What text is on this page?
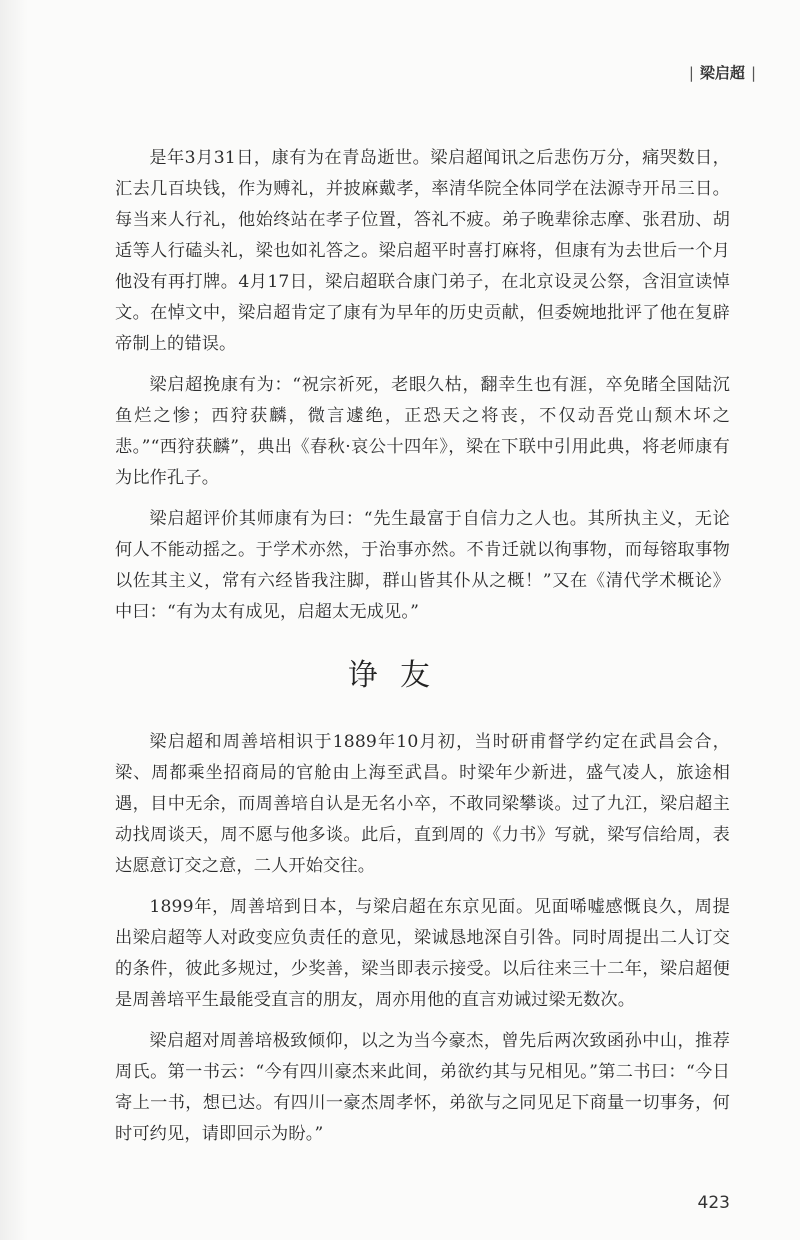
| 梁启超 |

是年3月31日，康有为在青岛逝世。梁启超闻讯之后悲伤万分，痛哭数日，汇去几百块钱，作为赙礼，并披麻戴孝，率清华院全体同学在法源寺开吊三日。每当来人行礼，他始终站在孝子位置，答礼不疲。弟子晚辈徐志摩、张君劢、胡适等人行磕头礼，梁也如礼答之。梁启超平时喜打麻将，但康有为去世后一个月他没有再打牌。4月17日，梁启超联合康门弟子，在北京设灵公祭，含泪宣读悼文。在悼文中，梁启超肯定了康有为早年的历史贡献，但委婉地批评了他在复辟帝制上的错误。

梁启超挽康有为：“祝宗祈死，老眼久枯，翻幸生也有涯，卒免睹全国陆沉鱼烂之惨；西狩获麟，微言遽绝，正恐天之将丧，不仅动吾党山颓木坏之悲。”“西狩获麟”，典出《春秋·哀公十四年》，梁在下联中引用此典，将老师康有为比作孔子。

梁启超评价其师康有为曰：“先生最富于自信力之人也。其所执主义，无论何人不能动摇之。于学术亦然，于治事亦然。不肯迁就以徇事物，而每镕取事物以佐其主义，常有六经皆我注脚，群山皆其仆从之概！”又在《清代学术概论》中曰：“有为太有成见，启超太无成见。”

诤友

梁启超和周善培相识于1889年10月初，当时研甫督学约定在武昌会合，梁、周都乘坐招商局的官舱由上海至武昌。时梁年少新进，盛气凌人，旅途相遇，目中无余，而周善培自认是无名小卒，不敢同梁攀谈。过了九江，梁启超主动找周谈天，周不愿与他多谈。此后，直到周的《力书》写就，梁写信给周，表达愿意订交之意，二人开始交往。

1899年，周善培到日本，与梁启超在东京见面。见面唏嘘感慨良久，周提出梁启超等人对政变应负责任的意见，梁诚恳地深自引咎。同时周提出二人订交的条件，彼此多规过，少奖善，梁当即表示接受。以后往来三十二年，梁启超便是周善培平生最能受直言的朋友，周亦用他的直言劝诫过梁无数次。

梁启超对周善培极致倾仰，以之为当今豪杰，曾先后两次致函孙中山，推荐周氏。第一书云：“今有四川豪杰来此间，弟欲约其与兄相见。”第二书曰：“今日寄上一书，想已达。有四川一豪杰周孝怀，弟欲与之同见足下商量一切事务，何时可约见，请即回示为盼。”

423
